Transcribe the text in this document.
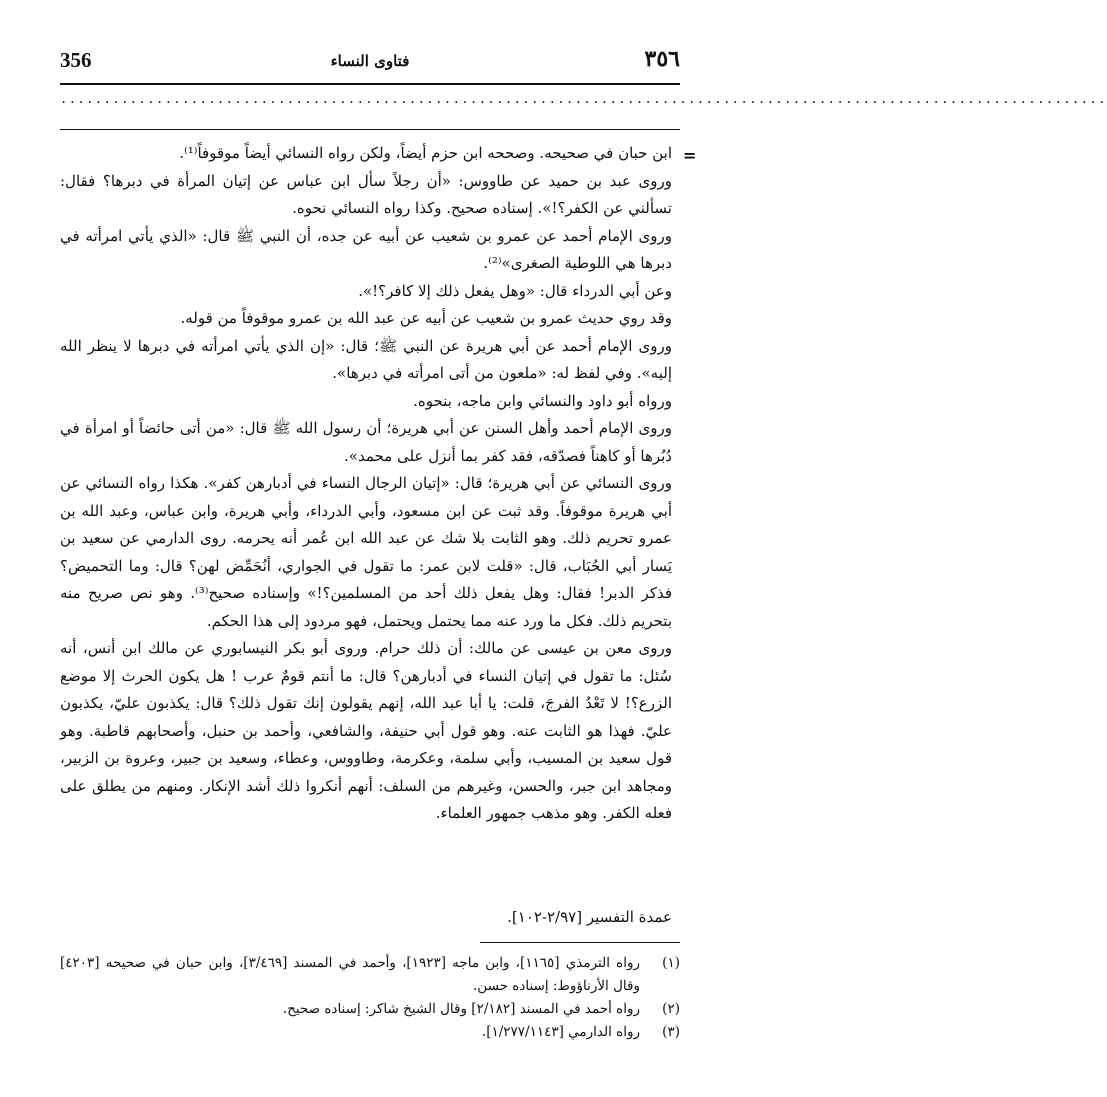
356	فتاوى النساء	٣٥٦
........................................................................................................................
=

ابن حبان في صحيحه. وصححه ابن حزم أيضاً، ولكن رواه النسائي أيضاً موقوفاً⁽¹⁾.

وروى عبد بن حميد عن طاووس: «أن رجلاً سأل ابن عباس عن إتيان المرأة في دبرها؟ فقال: تسألني عن الكفر؟!». إسناده صحيح. وكذا رواه النسائي نحوه.

وروى الإمام أحمد عن عمرو بن شعيب عن أبيه عن جده، أن النبي ﷺ قال: «الذي يأتي امرأته في دبرها هي اللوطية الصغرى»⁽²⁾.

وعن أبي الدرداء قال: «وهل يفعل ذلك إلا كافر؟!».

وقد روي حديث عمرو بن شعيب عن أبيه عن عبد الله بن عمرو موقوفاً من قوله.

وروى الإمام أحمد عن أبي هريرة عن النبي ﷺ؛ قال: «إن الذي يأتي امرأته في دبرها لا ينظر الله إليه». وفي لفظ له: «ملعون من أتى امرأته في دبرها».

ورواه أبو داود والنسائي وابن ماجه، بنحوه.

وروى الإمام أحمد وأهل السنن عن أبي هريرة؛ أن رسول الله ﷺ قال: «من أتى حائضاً أو امرأة في دُبُرها أو كاهناً فصدّقه، فقد كفر بما أنزل على محمد».

وروى النسائي عن أبي هريرة؛ قال: «إتيان الرجال النساء في أدبارهن كفر». هكذا رواه النسائي عن أبي هريرة موقوفاً. وقد ثبت عن ابن مسعود، وأبي الدرداء، وأبي هريرة، وابن عباس، وعبد الله بن عمرو تحريم ذلك. وهو الثابت بلا شك عن عبد الله ابن عُمر أنه يحرمه. روى الدارمي عن سعيد بن يَسار أبي الحُبَاب، قال: «قلت لابن عمر: ما تقول في الجواري، أنُحَمِّض لهن؟ قال: وما التحميض؟ فذكر الدبر! فقال: وهل يفعل ذلك أحد من المسلمين؟!» وإسناده صحيح⁽³⁾. وهو نص صريح منه بتحريم ذلك. فكل ما ورد عنه مما يحتمل ويحتمل، فهو مردود إلى هذا الحكم.

وروى معن بن عيسى عن مالك: أن ذلك حرام. وروى أبو بكر النيسابوري عن مالك ابن أنس، أنه سُئل: ما تقول في إتيان النساء في أدبارهن؟ قال: ما أنتم قومٌ عرب ! هل يكون الحرث إلا موضع الزرع؟! لا تَعْدُ الفرجَ، قلت: يا أبا عبد الله، إنهم يقولون إنك تقول ذلك؟ قال: يكذبون عليّ، يكذبون عليّ. فهذا هو الثابت عنه. وهو قول أبي حنيفة، والشافعي، وأحمد بن حنبل، وأصحابهم قاطبة. وهو قول سعيد بن المسيب، وأبي سلمة، وعكرمة، وطاووس، وعطاء، وسعيد بن جبير، وعروة بن الزبير، ومجاهد ابن جبر، والحسن، وغيرهم من السلف: أنهم أنكروا ذلك أشد الإنكار. ومنهم من يطلق على فعله الكفر. وهو مذهب جمهور العلماء.

عمدة التفسير [٢/٩٧-١٠٢].
(١)
رواه الترمذي [١١٦٥]، وابن ماجه [١٩٢٣]، وأحمد في المسند [٣/٤٦٩]، وابن حبان في صحيحه [٤٢٠٣] وقال الأرناؤوط: إسناده حسن.
(٢)
رواه أحمد في المسند [٢/١٨٢] وقال الشيخ شاكر: إسناده صحيح.
(٣)
رواه الدارمي [١/٢٧٧/١١٤٣].
